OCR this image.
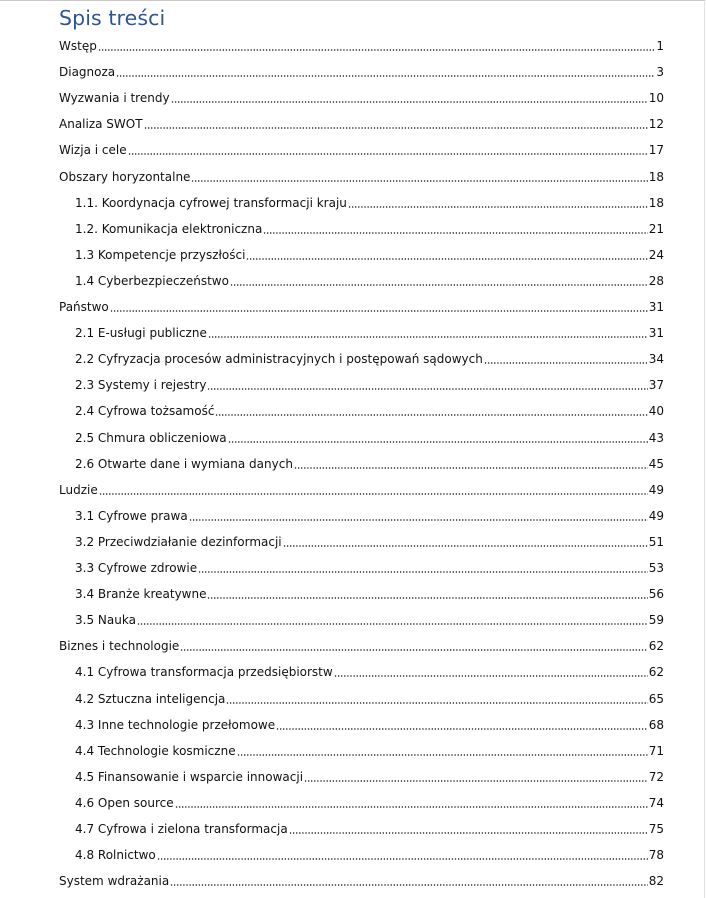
Spis treści
Wstęp	1
Diagnoza	3
Wyzwania i trendy	10
Analiza SWOT	12
Wizja i cele	17
Obszary horyzontalne	18
1.1. Koordynacja cyfrowej transformacji kraju	18
1.2. Komunikacja elektroniczna	21
1.3 Kompetencje przyszłości	24
1.4 Cyberbezpieczeństwo	28
Państwo	31
2.1 E-usługi publiczne	31
2.2 Cyfryzacja procesów administracyjnych i postępowań sądowych	34
2.3 Systemy i rejestry	37
2.4 Cyfrowa tożsamość	40
2.5 Chmura obliczeniowa	43
2.6 Otwarte dane i wymiana danych	45
Ludzie	49
3.1 Cyfrowe prawa	49
3.2 Przeciwdziałanie dezinformacji	51
3.3 Cyfrowe zdrowie	53
3.4 Branże kreatywne	56
3.5 Nauka	59
Biznes i technologie	62
4.1 Cyfrowa transformacja przedsiębiorstw	62
4.2 Sztuczna inteligencja	65
4.3 Inne technologie przełomowe	68
4.4 Technologie kosmiczne	71
4.5 Finansowanie i wsparcie innowacji	72
4.6 Open source	74
4.7 Cyfrowa i zielona transformacja	75
4.8 Rolnictwo	78
System wdrażania	82
